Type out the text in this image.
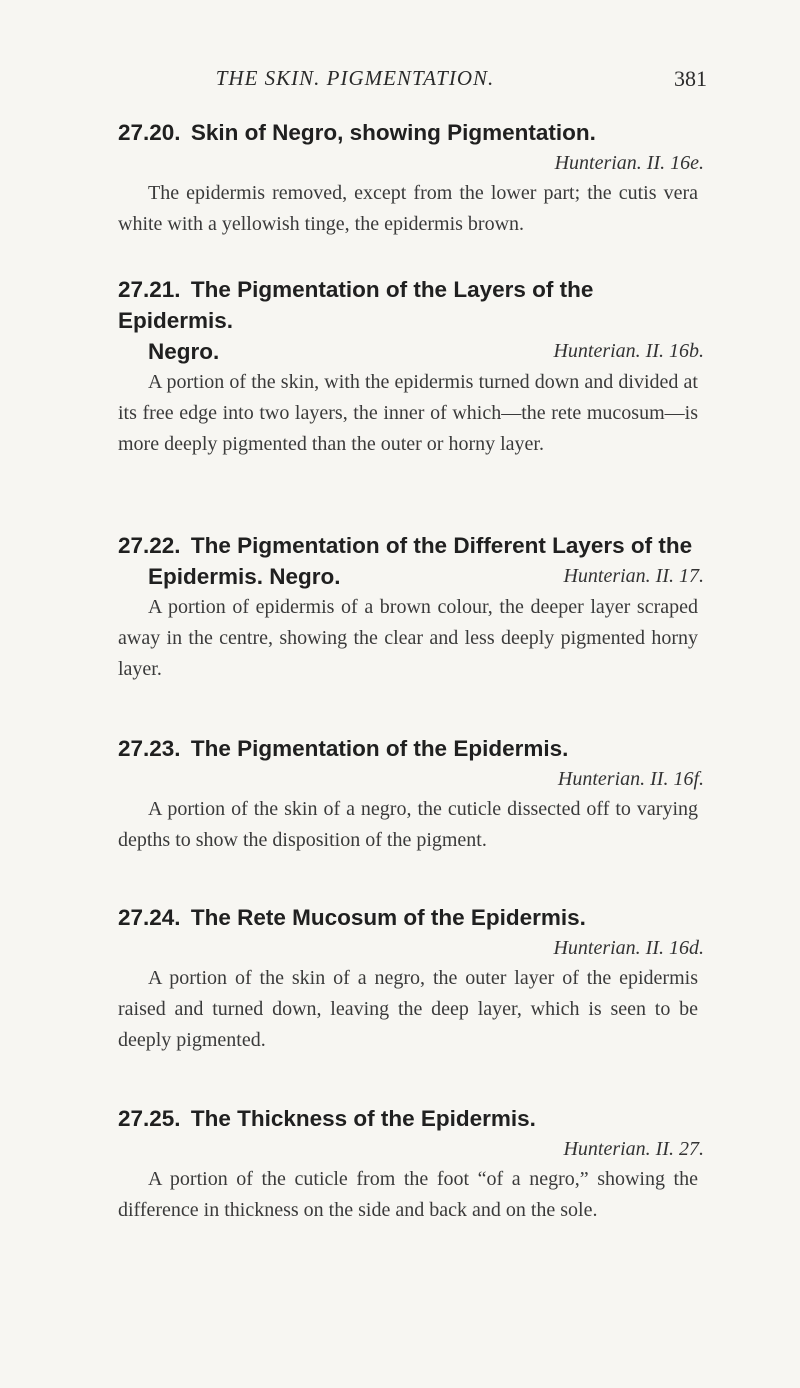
THE SKIN. PIGMENTATION.	381
27.20. Skin of Negro, showing Pigmentation.
Hunterian. II. 16e.
The epidermis removed, except from the lower part; the cutis vera white with a yellowish tinge, the epidermis brown.
27.21. The Pigmentation of the Layers of the Epidermis.
Hunterian. II. 16b.
Negro.
A portion of the skin, with the epidermis turned down and divided at its free edge into two layers, the inner of which—the rete mucosum—is more deeply pigmented than the outer or horny layer.
27.22. The Pigmentation of the Different Layers of the
Hunterian. II. 17.
Epidermis. Negro.
A portion of epidermis of a brown colour, the deeper layer scraped away in the centre, showing the clear and less deeply pigmented horny layer.
27.23. The Pigmentation of the Epidermis.
Hunterian. II. 16f.
A portion of the skin of a negro, the cuticle dissected off to varying depths to show the disposition of the pigment.
27.24. The Rete Mucosum of the Epidermis.
Hunterian. II. 16d.
A portion of the skin of a negro, the outer layer of the epidermis raised and turned down, leaving the deep layer, which is seen to be deeply pigmented.
27.25. The Thickness of the Epidermis.
Hunterian. II. 27.
A portion of the cuticle from the foot “of a negro,” showing the difference in thickness on the side and back and on the sole.
